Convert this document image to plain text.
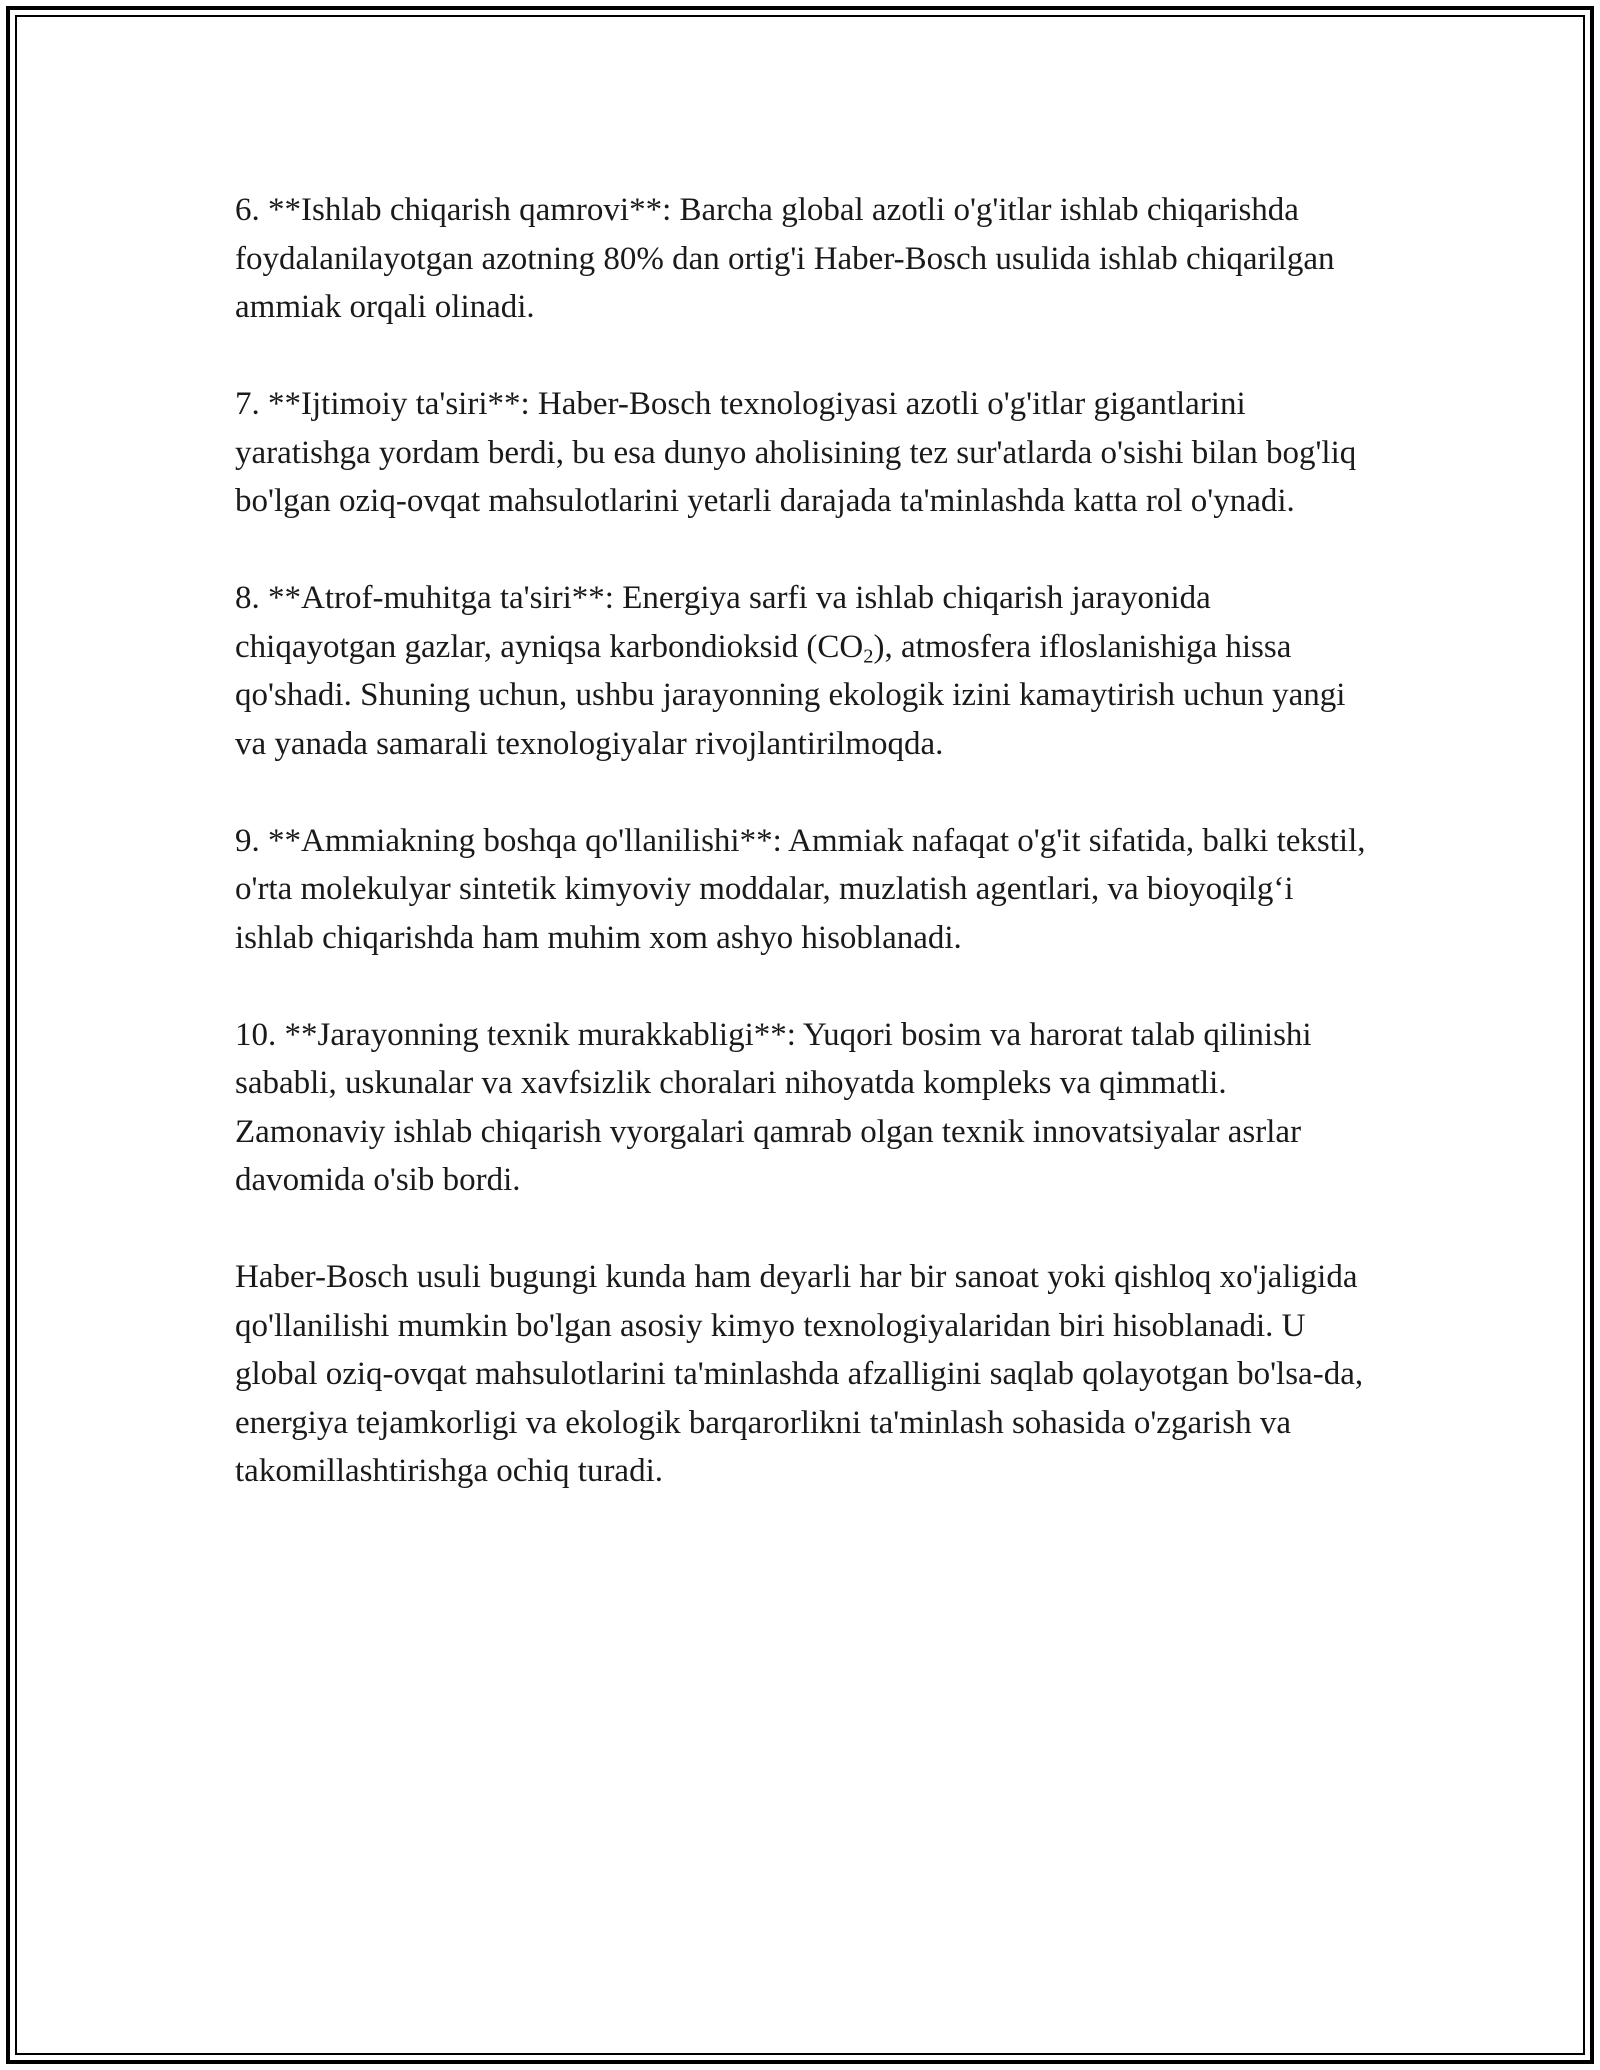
6. **Ishlab chiqarish qamrovi**: Barcha global azotli o'g'itlar ishlab chiqarishda foydalanilayotgan azotning 80% dan ortig'i Haber-Bosch usulida ishlab chiqarilgan ammiak orqali olinadi.

7. **Ijtimoiy ta'siri**: Haber-Bosch texnologiyasi azotli o'g'itlar gigantlarini yaratishga yordam berdi, bu esa dunyo aholisining tez sur'atlarda o'sishi bilan bog'liq bo'lgan oziq-ovqat mahsulotlarini yetarli darajada ta'minlashda katta rol o'ynadi.

8. **Atrof-muhitga ta'siri**: Energiya sarfi va ishlab chiqarish jarayonida chiqayotgan gazlar, ayniqsa karbondioksid $(CO_2)$, atmosfera ifloslanishiga hissa qo'shadi. Shuning uchun, ushbu jarayonning ekologik izini kamaytirish uchun yangi va yanada samarali texnologiyalar rivojlantirilmoqda.

9. **Ammiakning boshqa qo'llanilishi**: Ammiak nafaqat o'g'it sifatida, balki tekstil, o'rta molekulyar sintetik kimyoviy moddalar, muzlatish agentlari, va bioyoqilg‘i ishlab chiqarishda ham muhim xom ashyo hisoblanadi.

10. **Jarayonning texnik murakkabligi**: Yuqori bosim va harorat talab qilinishi sababli, uskunalar va xavfsizlik choralari nihoyatda kompleks va qimmatli. Zamonaviy ishlab chiqarish vyorgalari qamrab olgan texnik innovatsiyalar asrlar davomida o'sib bordi.

Haber-Bosch usuli bugungi kunda ham deyarli har bir sanoat yoki qishloq xo'jaligida qo'llanilishi mumkin bo'lgan asosiy kimyo texnologiyalaridan biri hisoblanadi. U global oziq-ovqat mahsulotlarini ta'minlashda afzalligini saqlab qolayotgan bo'lsa-da, energiya tejamkorligi va ekologik barqarorlikni ta'minlash sohasida o'zgarish va takomillashtirishga ochiq turadi.
